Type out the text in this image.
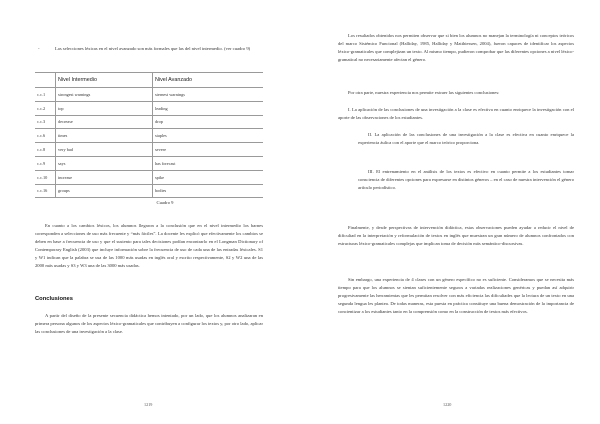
-	Las selecciones léxicas en el nivel avanzado son más formales que las del nivel intermedio. (ver cuadro 9)

	Nivel Intermedio	Nivel Avanzado
c.c.1	strongest warnings	sternest warnings
c.c.2	top	leading
c.c.3	decrease	drop
c.c.6	times	staples
c.c.8	very bad	severe
c.c.9	says	has forecast
c.c.10	increase	spike
c.c.16	groups	bodies
Cuadro 9

En cuanto a los cambios léxicos, los alumnos llegaron a la conclusión que en el nivel intermedio los barnes corresponden a selecciones de uso más frecuente y “más fáciles”. La docente les explicó que efectivamente los cambios se deben en base a frecuencia de uso y que el sustento para tales decisiones podían encontrarlo en el Longman Dictionary of Contemporary English (2003) que incluye información sobre la frecuencia de uso de cada una de las entradas léxicales. S1 y W1 indican que la palabra se usa de las 1000 más usadas en inglés oral y escrito respectivamente, S2 y W2 una de las 2000 más usadas y S3 y W3 una de las 3000 más usadas.

Conclusiones

A partir del diseño de la presente secuencia didáctica hemos intentado, por un lado, que los alumnos analizaran en primera persona algunos de los aspectos léxico-gramaticales que contribuyen a configurar los textos y, por otro lado, aplicar las conclusiones de una investigación a la clase.

1219

Los resultados obtenidos nos permiten observar que si bien los alumnos no manejan la terminología ni conceptos teóricos del marco Sistémico Funcional (Halliday, 1985, Halliday y Matthiessen, 2004), fueron capaces de identificar los aspectos léxico-gramaticales que complejizan un texto. Al mismo tiempo, pudieron comprobar que las diferentes opciones a nivel léxico-gramatical no necesariamente afectan el género.

Por otra parte, nuestra experiencia nos permite extraer las siguientes conclusiones:

I. La aplicación de las conclusiones de una investigación a la clase es efectiva en cuanto enriquece la investigación con el aporte de las observaciones de los estudiantes.

II. La aplicación de las conclusiones de una investigación a la clase es efectiva en cuanto enriquece la experiencia áulica con el aporte que el marco teórico proporciona.

III. El entrenamiento en el análisis de los textos es efectivo en cuanto permite a los estudiantes tomar consciencia de diferentes opciones para expresarse en distintos géneros – en el caso de nuestra intervención el género artículo periodístico.

Finalmente, y desde perspectivas de intervención didáctica, estas observaciones pueden ayudar a reducir el nivel de dificultad en la interpretación y reformulación de textos en inglés que muestran un gran número de alumnos confrontados con estructuras léxico-gramaticales complejas que implican toma de decisión más semántico-discursivas.

Sin embargo, una experiencia de 4 clases con un género específico no es suficiente. Consideramos que se necesita más tiempo para que los alumnos se sientan suficientemente seguros a variadas realizaciones genéricas y puedan así adquirir progresivamente las herramientas que les permitan resolver con más eficiencia las dificultades que la lectura de un texto en una segunda lengua les plantea. De todas maneras, esta puesta en práctica constituye una buena demostración de la importancia de concientizar a los estudiantes tanto en la comprensión como en la construcción de textos más efectivos.

1220
